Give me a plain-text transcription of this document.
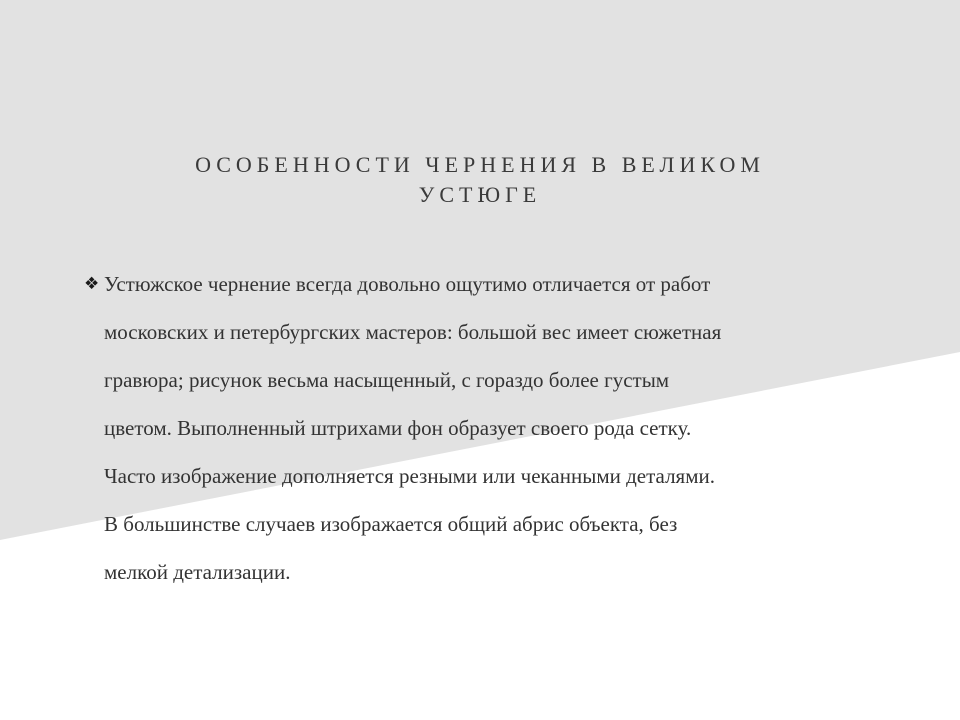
ОСОБЕННОСТИ ЧЕРНЕНИЯ В ВЕЛИКОМ
УСТЮГЕ
❖ Устюжское чернение всегда довольно ощутимо отличается от работ
московских и петербургских мастеров: большой вес имеет сюжетная
гравюра; рисунок весьма насыщенный, с гораздо более густым
цветом. Выполненный штрихами фон образует своего рода сетку.
Часто изображение дополняется резными или чеканными деталями.
В большинстве случаев изображается общий абрис объекта, без
мелкой детализации.
